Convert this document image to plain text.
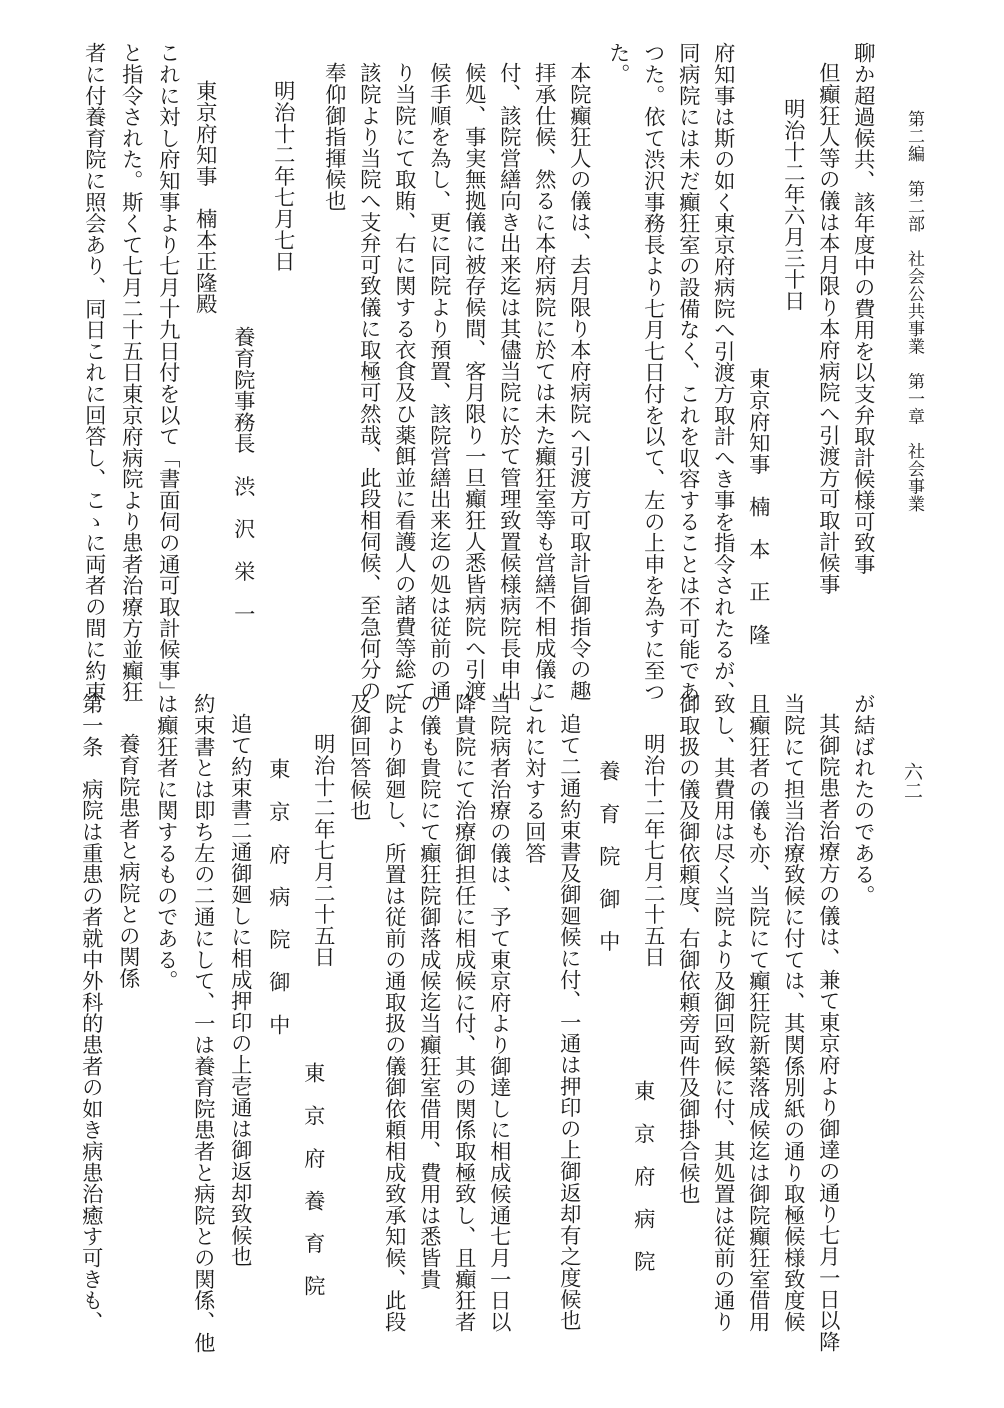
第二編　第二部　社会公共事業　第一章　社会事業
六二
聊か超過候共、該年度中の費用を以支弁取計候様可致事
但癲狂人等の儀は本月限り本府病院へ引渡方可取計候事
明治十二年六月三十日
東京府知事　楠　本　正　隆
府知事は斯の如く東京府病院へ引渡方取計へき事を指令されたるが、
同病院には未だ癲狂室の設備なく、これを収容することは不可能であ
つた。依て渋沢事務長より七月七日付を以て、左の上申を為すに至つ
た。
本院癲狂人の儀は、去月限り本府病院へ引渡方可取計旨御指令の趣
拝承仕候、然るに本府病院に於ては未た癲狂室等も営繕不相成儀に
付、該院営繕向き出来迄は其儘当院に於て管理致置候様病院長申出
候処、事実無拠儀に被存候間、客月限り一旦癲狂人悉皆病院へ引渡
候手順を為し、更に同院より預置、該院営繕出来迄の処は従前の通
り当院にて取賄、右に関する衣食及ひ薬餌並に看護人の諸費等総て
該院より当院へ支弁可致儀に取極可然哉、此段相伺候、至急何分の
奉仰御指揮候也
明治十二年七月七日
養育院事務長　渋　沢　栄　一
東京府知事　楠本正隆殿
これに対し府知事より七月十九日付を以て「書面伺の通可取計候事」
と指令された。斯くて七月二十五日東京府病院より患者治療方並癲狂
者に付養育院に照会あり、同日これに回答し、こゝに両者の間に約束
が結ばれたのである。
其御院患者治療方の儀は、兼て東京府より御達の通り七月一日以降
当院にて担当治療致候に付ては、其関係別紙の通り取極候様致度候
且癲狂者の儀も亦、当院にて癲狂院新築落成候迄は御院癲狂室借用
致し、其費用は尽く当院より及御回致候に付、其処置は従前の通り
御取扱の儀及御依頼度、右御依頼旁両件及御掛合候也
明治十二年七月二十五日
東　京　府　病　院
養　育　院　御　中
追て二通約束書及御廻候に付、一通は押印の上御返却有之度候也
これに対する回答
当院病者治療の儀は、予て東京府より御達しに相成候通七月一日以
降貴院にて治療御担任に相成候に付、其の関係取極致し、且癲狂者
の儀も貴院にて癲狂院御落成候迄当癲狂室借用、費用は悉皆貴
院より御廻し、所置は従前の通取扱の儀御依頼相成致承知候、此段
及御回答候也
明治十二年七月二十五日
東　京　府　養　育　院
東　京　府　病　院　御　中
追て約束書二通御廻しに相成押印の上壱通は御返却致候也
約束書とは即ち左の二通にして、一は養育院患者と病院との関係、他
は癲狂者に関するものである。
養育院患者と病院との関係
第一条　病院は重患の者就中外科的患者の如き病患治癒す可きも、
